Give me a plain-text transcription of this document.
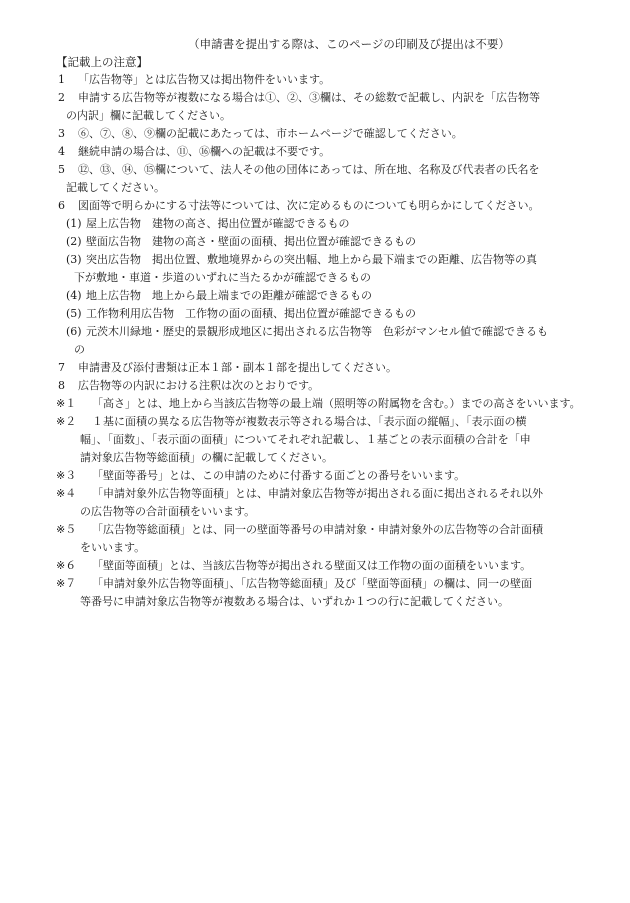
（申請書を提出する際は、このページの印刷及び提出は不要）
【記載上の注意】
1 「広告物等」とは広告物又は掲出物件をいいます。
2 申請する広告物等が複数になる場合は①、②、③欄は、その総数で記載し、内訳を「広告物等
の内訳」欄に記載してください。
3 ⑥、⑦、⑧、⑨欄の記載にあたっては、市ホームページで確認してください。
4 継続申請の場合は、⑪、⑯欄への記載は不要です。
5 ⑫、⑬、⑭、⑮欄について、法人その他の団体にあっては、所在地、名称及び代表者の氏名を
記載してください。
6 図面等で明らかにする寸法等については、次に定めるものについても明らかにしてください。
(1) 屋上広告物　建物の高さ、掲出位置が確認できるもの
(2) 壁面広告物　建物の高さ・壁面の面積、掲出位置が確認できるもの
(3) 突出広告物　掲出位置、敷地境界からの突出幅、地上から最下端までの距離、広告物等の真
下が敷地・車道・歩道のいずれに当たるかが確認できるもの
(4) 地上広告物　地上から最上端までの距離が確認できるもの
(5) 工作物利用広告物　工作物の面の面積、掲出位置が確認できるもの
(6) 元茨木川緑地・歴史的景観形成地区に掲出される広告物等　色彩がマンセル値で確認できるも
の
7 申請書及び添付書類は正本１部・副本１部を提出してください。
8 広告物等の内訳における注釈は次のとおりです。
※１ 「高さ」とは、地上から当該広告物等の最上端（照明等の附属物を含む。）までの高さをいいます。
※２ １基に面積の異なる広告物等が複数表示等される場合は、「表示面の縦幅」、「表示面の横
幅」、「面数」、「表示面の面積」についてそれぞれ記載し、１基ごとの表示面積の合計を「申
請対象広告物等総面積」の欄に記載してください。
※３ 「壁面等番号」とは、この申請のために付番する面ごとの番号をいいます。
※４ 「申請対象外広告物等面積」とは、申請対象広告物等が掲出される面に掲出されるそれ以外
の広告物等の合計面積をいいます。
※５ 「広告物等総面積」とは、同一の壁面等番号の申請対象・申請対象外の広告物等の合計面積
をいいます。
※６ 「壁面等面積」とは、当該広告物等が掲出される壁面又は工作物の面の面積をいいます。
※７ 「申請対象外広告物等面積」、「広告物等総面積」及び「壁面等面積」の欄は、同一の壁面
等番号に申請対象広告物等が複数ある場合は、いずれか１つの行に記載してください。
